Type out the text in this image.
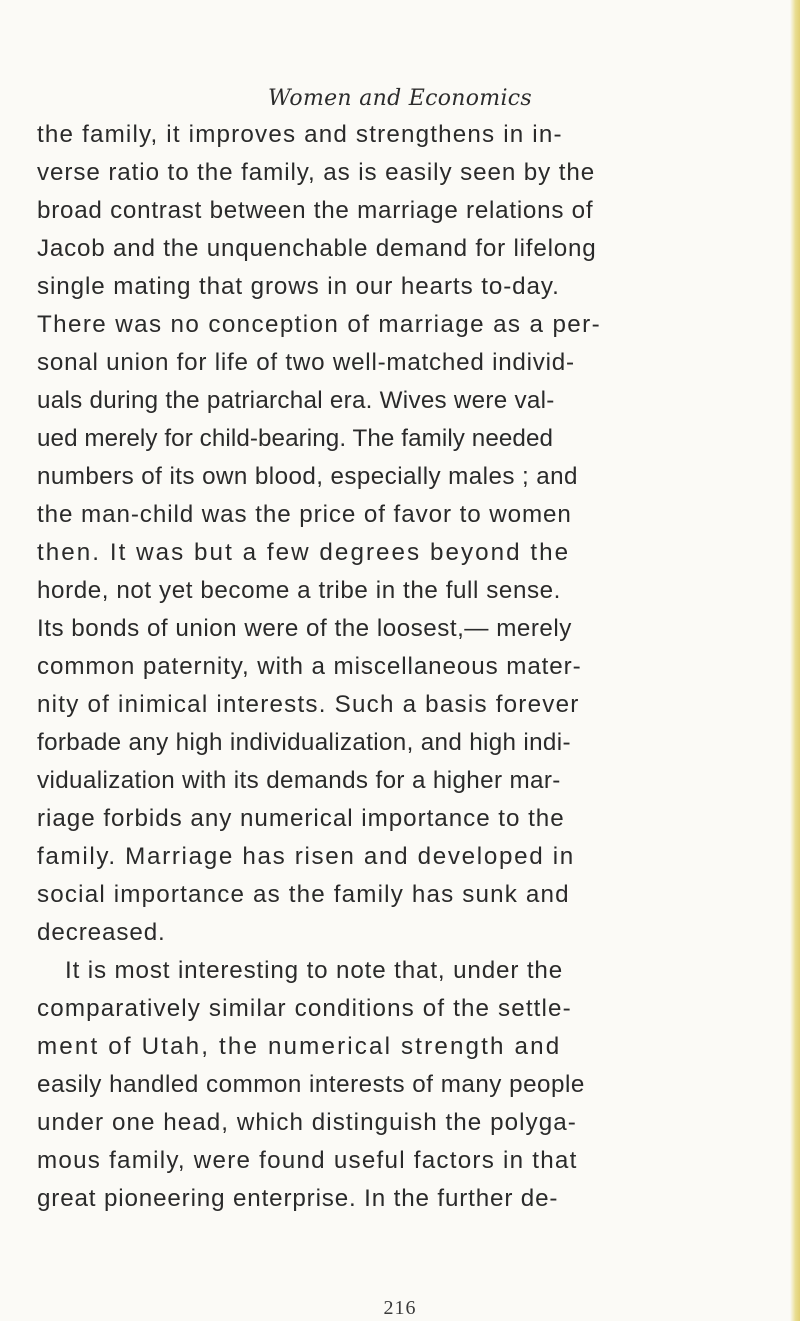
Women and Economics
the family, it improves and strengthens in in-
verse ratio to the family, as is easily seen by the
broad contrast between the marriage relations of
Jacob and the unquenchable demand for lifelong
single mating that grows in our hearts to-day.
There was no conception of marriage as a per-
sonal union for life of two well-matched individ-
uals during the patriarchal era. Wives were val-
ued merely for child-bearing. The family needed
numbers of its own blood, especially males ; and
the man-child was the price of favor to women
then. It was but a few degrees beyond the
horde, not yet become a tribe in the full sense.
Its bonds of union were of the loosest,— merely
common paternity, with a miscellaneous mater-
nity of inimical interests. Such a basis forever
forbade any high individualization, and high indi-
vidualization with its demands for a higher mar-
riage forbids any numerical importance to the
family. Marriage has risen and developed in
social importance as the family has sunk and
decreased.
It is most interesting to note that, under the
comparatively similar conditions of the settle-
ment of Utah, the numerical strength and
easily handled common interests of many people
under one head, which distinguish the polyga-
mous family, were found useful factors in that
great pioneering enterprise. In the further de-
216
